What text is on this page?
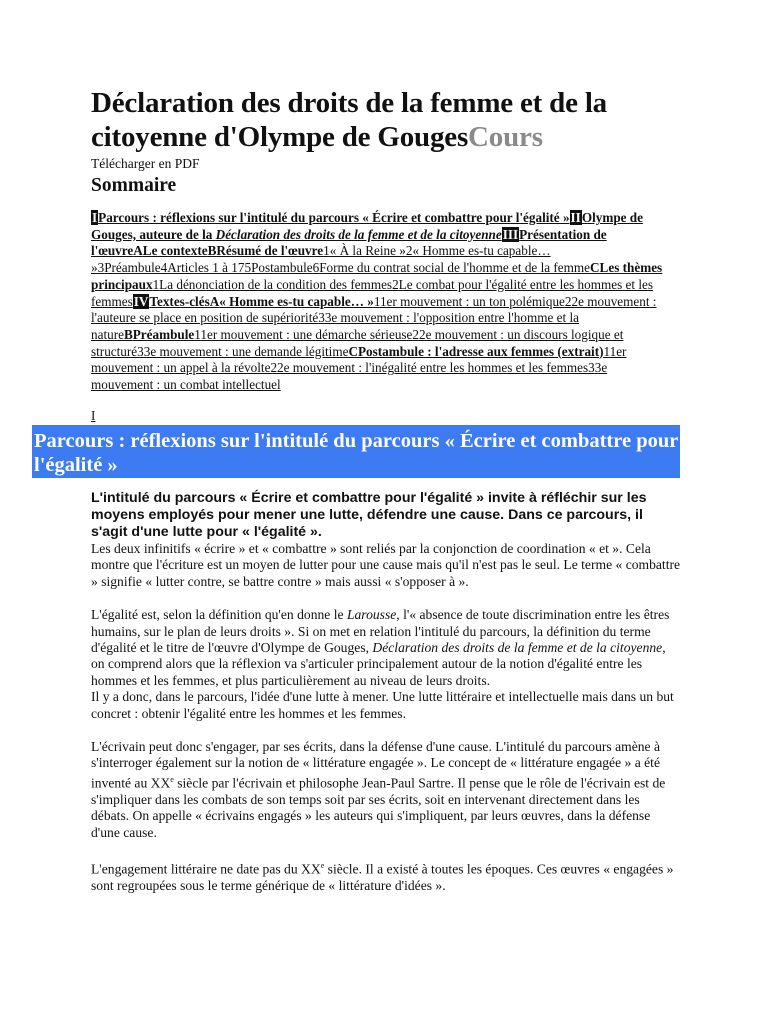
Déclaration des droits de la femme et de la citoyenne d'Olympe de GougesCours
Télécharger en PDF
Sommaire
IParcours : réflexions sur l'intitulé du parcours « Écrire et combattre pour l'égalité »IIOlympe de Gouges, auteure de la Déclaration des droits de la femme et de la citoyenneIIIPrésentation de l'œuvreALe contexteBRésumé de l'œuvre1« À la Reine »2« Homme es-tu capable… »3Préambule4Articles 1 à 175Postambule6Forme du contrat social de l'homme et de la femmeCLes thèmes principaux1La dénonciation de la condition des femmes2Le combat pour l'égalité entre les hommes et les femmesIVTextes-clésA« Homme es-tu capable… »11er mouvement : un ton polémique22e mouvement : l'auteure se place en position de supériorité33e mouvement : l'opposition entre l'homme et la natureBPréambule11er mouvement : une démarche sérieuse22e mouvement : un discours logique et structuré33e mouvement : une demande légitimeCPostambule : l'adresse aux femmes (extrait)11er mouvement : un appel à la révolte22e mouvement : l'inégalité entre les hommes et les femmes33e mouvement : un combat intellectuel
I
Parcours : réflexions sur l'intitulé du parcours « Écrire et combattre pour l'égalité »

L'intitulé du parcours « Écrire et combattre pour l'égalité » invite à réfléchir sur les moyens employés pour mener une lutte, défendre une cause. Dans ce parcours, il s'agit d'une lutte pour « l'égalité ».

Les deux infinitifs « écrire » et « combattre » sont reliés par la conjonction de coordination « et ». Cela montre que l'écriture est un moyen de lutter pour une cause mais qu'il n'est pas le seul. Le terme « combattre » signifie « lutter contre, se battre contre » mais aussi « s'opposer à ».

L'égalité est, selon la définition qu'en donne le Larousse, l'« absence de toute discrimination entre les êtres humains, sur le plan de leurs droits ». Si on met en relation l'intitulé du parcours, la définition du terme d'égalité et le titre de l'œuvre d'Olympe de Gouges, Déclaration des droits de la femme et de la citoyenne, on comprend alors que la réflexion va s'articuler principalement autour de la notion d'égalité entre les hommes et les femmes, et plus particulièrement au niveau de leurs droits.
Il y a donc, dans le parcours, l'idée d'une lutte à mener. Une lutte littéraire et intellectuelle mais dans un but concret : obtenir l'égalité entre les hommes et les femmes.

L'écrivain peut donc s'engager, par ses écrits, dans la défense d'une cause. L'intitulé du parcours amène à s'interroger également sur la notion de « littérature engagée ». Le concept de « littérature engagée » a été inventé au XXe siècle par l'écrivain et philosophe Jean-Paul Sartre. Il pense que le rôle de l'écrivain est de s'impliquer dans les combats de son temps soit par ses écrits, soit en intervenant directement dans les débats. On appelle « écrivains engagés » les auteurs qui s'impliquent, par leurs œuvres, dans la défense d'une cause.

L'engagement littéraire ne date pas du XXe siècle. Il a existé à toutes les époques. Ces œuvres « engagées » sont regroupées sous le terme générique de « littérature d'idées ».
